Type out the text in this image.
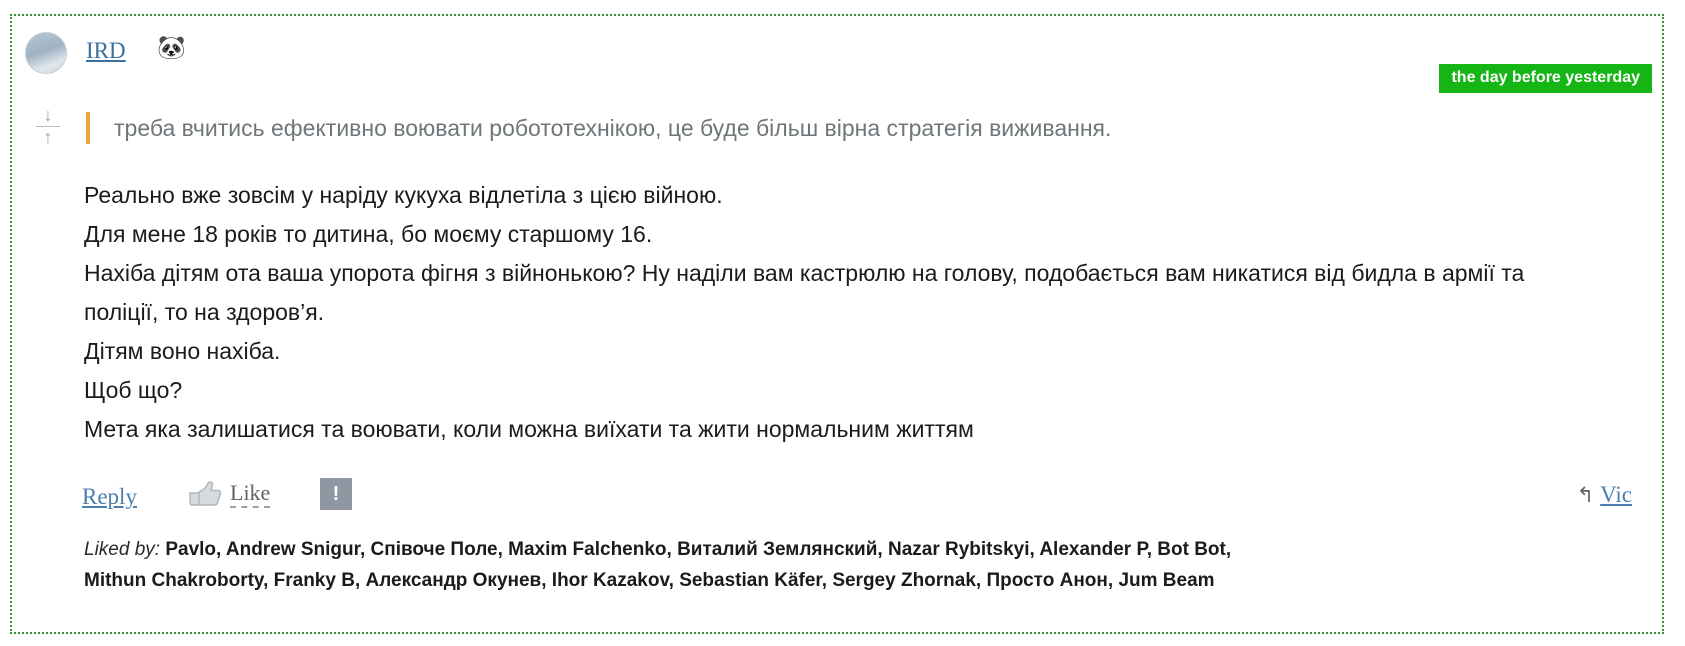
IRD 🐼
the day before yesterday
↓
↑	треба вчитись ефективно воювати робототехнікою, це буде більш вірна стратегія виживання.

Реально вже зовсім у наріду кукуха відлетіла з цією війною.

Для мене 18 років то дитина, бо моєму старшому 16.

Нахіба дітям ота ваша упорота фігня з війнонькою? Ну наділи вам кастрюлю на голову, подобається вам никатися від бидла в армії та поліції, то на здоров’я.

Дітям воно нахіба.

Щоб що?

Мета яка залишатися та воювати, коли можна виїхати та жити нормальним життям

Reply	Like	!	↰ Vic
Liked by: Pavlo, Andrew Snigur, Співоче Поле, Maxim Falchenko, Виталий Землянский, Nazar Rybitskyi, Alexander P, Bot Bot,
Mithun Chakroborty, Franky B, Александр Окунев, Ihor Kazakov, Sebastian Käfer, Sergey Zhornak, Просто Анон, Jum Beam
